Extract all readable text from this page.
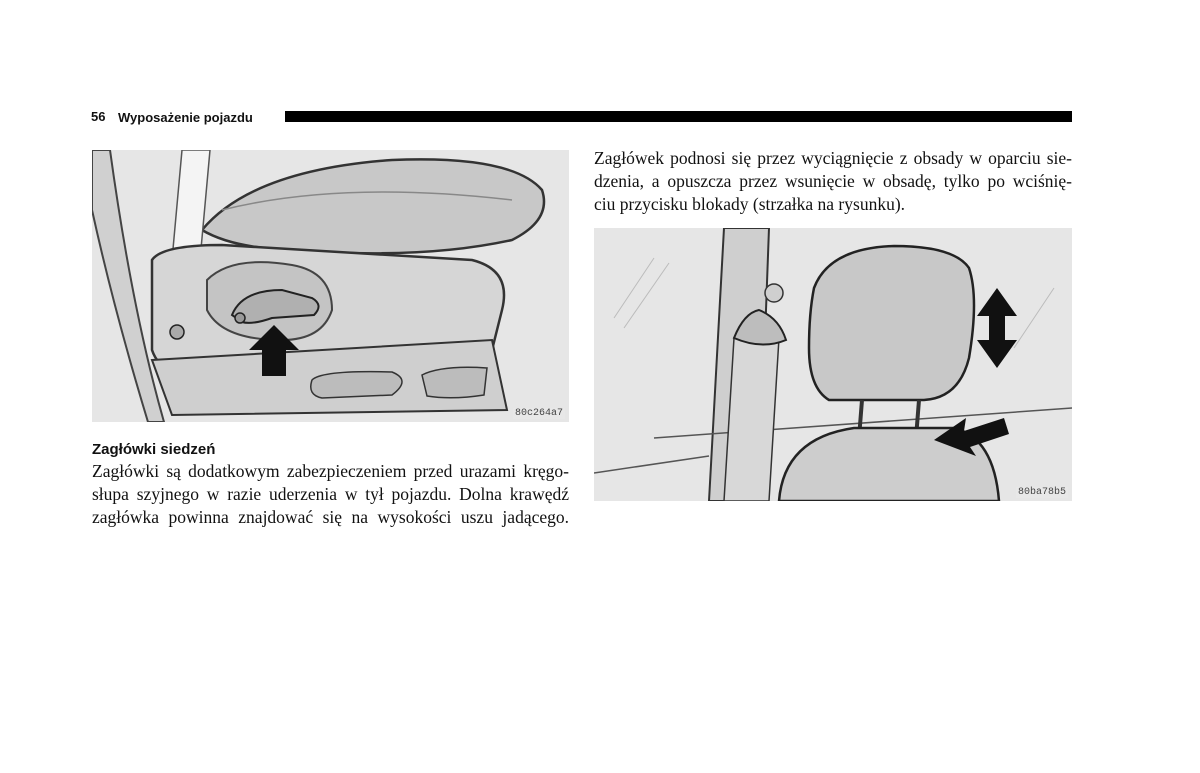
56 Wyposażenie pojazdu
80c264a7
80ba78b5
Zagłówki siedzeń
Zagłówki są dodatkowym zabezpieczeniem przed urazami kręgo-
słupa szyjnego w razie uderzenia w tył pojazdu. Dolna krawędź
zagłówka powinna znajdować się na wysokości uszu jadącego.
Zagłówek podnosi się przez wyciągnięcie z obsady w oparciu sie-
dzenia, a opuszcza przez wsunięcie w obsadę, tylko po wciśnię-
ciu przycisku blokady (strzałka na rysunku).
